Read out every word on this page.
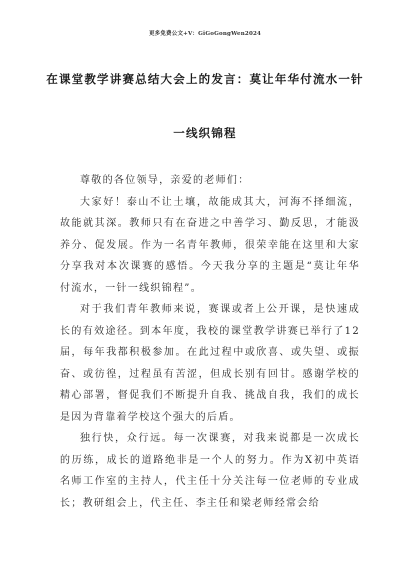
更多免费公文+V：GiGoGongWen2024
在课堂教学讲赛总结大会上的发言：莫让年华付流水一针
一线织锦程

尊敬的各位领导，亲爱的老师们：

大家好！泰山不让土壤，故能成其大，河海不择细流，故能就其深。教师只有在奋进之中善学习、勤反思，才能汲养分、促发展。作为一名青年教师，很荣幸能在这里和大家分享我对本次课赛的感悟。今天我分享的主题是“莫让年华付流水，一针一线织锦程”。

对于我们青年教师来说，赛课或者上公开课，是快速成长的有效途径。到本年度，我校的课堂教学讲赛已举行了12届，每年我都积极参加。在此过程中或欣喜、或失望、或振奋、或彷徨，过程虽有苦涩，但成长别有回甘。感谢学校的精心部署，督促我们不断提升自我、挑战自我，我们的成长是因为背靠着学校这个强大的后盾。

独行快，众行远。每一次课赛，对我来说都是一次成长的历练，成长的道路绝非是一个人的努力。作为X初中英语名师工作室的主持人，代主任十分关注每一位老师的专业成长；教研组会上，代主任、李主任和梁老师经常会给
